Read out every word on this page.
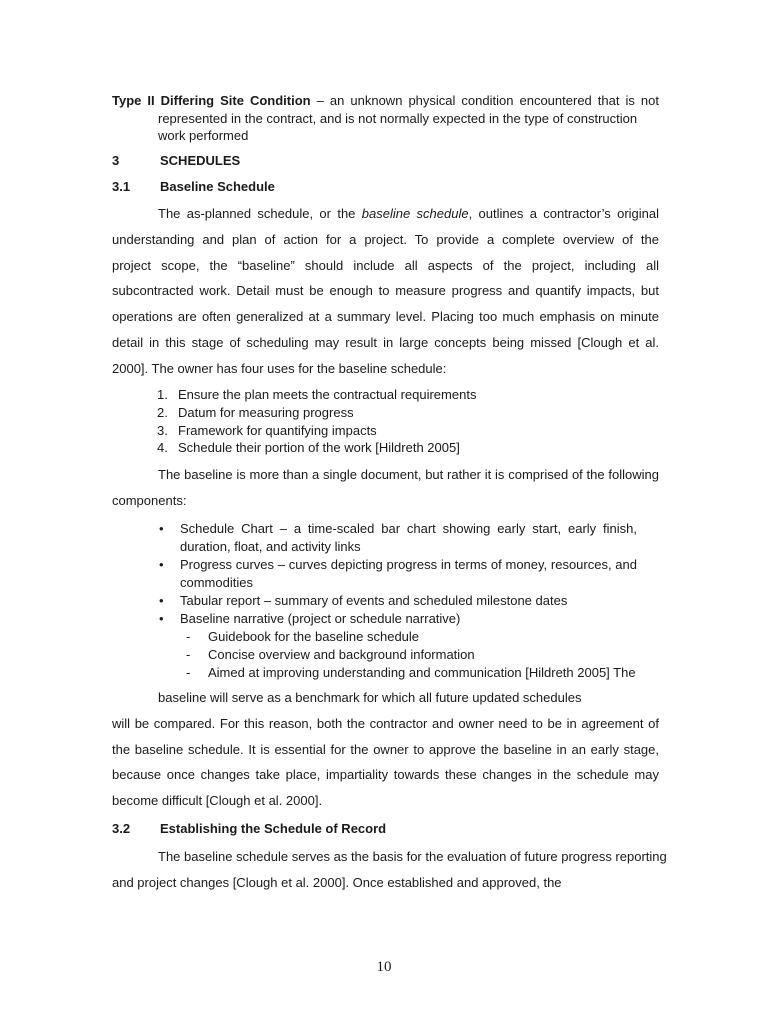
Type II Differing Site Condition – an unknown physical condition encountered that is not
represented in the contract, and is not normally expected in the type of construction
work performed
3	SCHEDULES
3.1 Baseline Schedule
The as-planned schedule, or the baseline schedule, outlines a contractor’s original
understanding and plan of action for a project. To provide a complete overview of the
project scope, the “baseline” should include all aspects of the project, including all
subcontracted work. Detail must be enough to measure progress and quantify impacts, but
operations are often generalized at a summary level. Placing too much emphasis on minute
detail in this stage of scheduling may result in large concepts being missed [Clough et al.
2000]. The owner has four uses for the baseline schedule:
1. Ensure the plan meets the contractual requirements
2. Datum for measuring progress
3. Framework for quantifying impacts
4. Schedule their portion of the work [Hildreth 2005]
The baseline is more than a single document, but rather it is comprised of the following
components:
• Schedule Chart – a time-scaled bar chart showing early start, early finish,
duration, float, and activity links
• Progress curves – curves depicting progress in terms of money, resources, and
commodities
• Tabular report – summary of events and scheduled milestone dates
• Baseline narrative (project or schedule narrative)
- Guidebook for the baseline schedule
- Concise overview and background information
- Aimed at improving understanding and communication [Hildreth 2005] The
baseline will serve as a benchmark for which all future updated schedules
will be compared. For this reason, both the contractor and owner need to be in agreement of
the baseline schedule. It is essential for the owner to approve the baseline in an early stage,
because once changes take place, impartiality towards these changes in the schedule may
become difficult [Clough et al. 2000].
3.2 Establishing the Schedule of Record
The baseline schedule serves as the basis for the evaluation of future progress reporting
and project changes [Clough et al. 2000]. Once established and approved, the
10
